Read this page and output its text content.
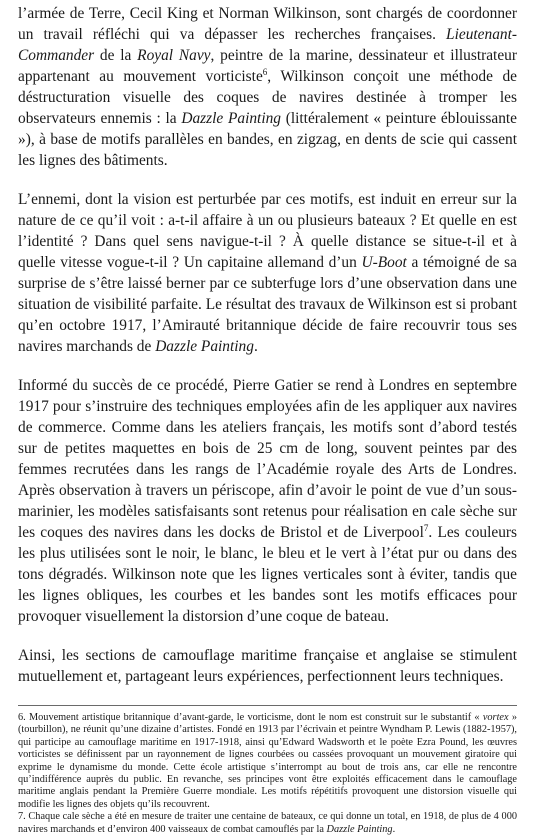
l’armée de Terre, Cecil King et Norman Wilkinson, sont chargés de coordonner un travail réfléchi qui va dépasser les recherches françaises. Lieutenant-Commander de la Royal Navy, peintre de la marine, dessinateur et illustrateur appartenant au mouvement vorticiste$^6$, Wilkinson conçoit une méthode de déstructuration visuelle des coques de navires destinée à tromper les observateurs ennemis : la Dazzle Painting (littéralement « peinture éblouissante »), à base de motifs parallèles en bandes, en zigzag, en dents de scie qui cassent les lignes des bâtiments.

L’ennemi, dont la vision est perturbée par ces motifs, est induit en erreur sur la nature de ce qu’il voit : a-t-il affaire à un ou plusieurs bateaux ? Et quelle en est l’identité ? Dans quel sens navigue-t-il ? À quelle distance se situe-t-il et à quelle vitesse vogue-t-il ? Un capitaine allemand d’un U-Boot a témoigné de sa surprise de s’être laissé berner par ce subterfuge lors d’une observation dans une situation de visibilité parfaite. Le résultat des travaux de Wilkinson est si probant qu’en octobre 1917, l’Amirauté britannique décide de faire recouvrir tous ses navires marchands de Dazzle Painting.

Informé du succès de ce procédé, Pierre Gatier se rend à Londres en septembre 1917 pour s’instruire des techniques employées afin de les appliquer aux navires de commerce. Comme dans les ateliers français, les motifs sont d’abord testés sur de petites maquettes en bois de 25 cm de long, souvent peintes par des femmes recrutées dans les rangs de l’Académie royale des Arts de Londres. Après observation à travers un périscope, afin d’avoir le point de vue d’un sous-marinier, les modèles satisfaisants sont retenus pour réalisation en cale sèche sur les coques des navires dans les docks de Bristol et de Liverpool$^7$. Les couleurs les plus utilisées sont le noir, le blanc, le bleu et le vert à l’état pur ou dans des tons dégradés. Wilkinson note que les lignes verticales sont à éviter, tandis que les lignes obliques, les courbes et les bandes sont les motifs efficaces pour provoquer visuellement la distorsion d’une coque de bateau.

Ainsi, les sections de camouflage maritime française et anglaise se stimulent mutuellement et, partageant leurs expériences, perfectionnent leurs techniques.

6. Mouvement artistique britannique d’avant-garde, le vorticisme, dont le nom est construit sur le substantif « vortex » (tourbillon), ne réunit qu’une dizaine d’artistes. Fondé en 1913 par l’écrivain et peintre Wyndham P. Lewis (1882-1957), qui participe au camouflage maritime en 1917-1918, ainsi qu’Edward Wadsworth et le poète Ezra Pound, les œuvres vorticistes se définissent par un rayonnement de lignes courbées ou cassées provoquant un mouvement giratoire qui exprime le dynamisme du monde. Cette école artistique s’interrompt au bout de trois ans, car elle ne rencontre qu’indifférence auprès du public. En revanche, ses principes vont être exploités efficacement dans le camouflage maritime anglais pendant la Première Guerre mondiale. Les motifs répétitifs provoquent une distorsion visuelle qui modifie les lignes des objets qu’ils recouvrent.

7. Chaque cale sèche a été en mesure de traiter une centaine de bateaux, ce qui donne un total, en 1918, de plus de 4 000 navires marchands et d’environ 400 vaisseaux de combat camouflés par la Dazzle Painting.
